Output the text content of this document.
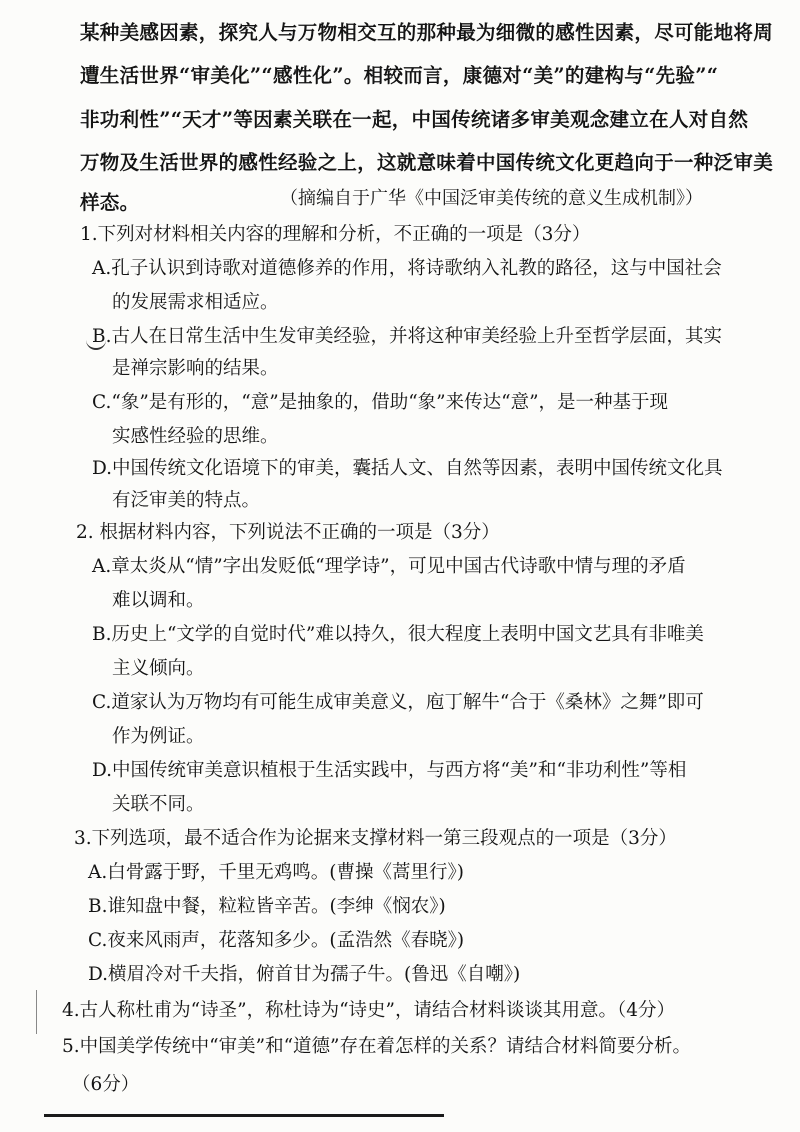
某种美感因素，探究人与万物相交互的那种最为细微的感性因素，尽可能地将周
遭生活世界“审美化”“感性化”。相较而言，康德对“美”的建构与“先验”“
非功利性”“天才”等因素关联在一起，中国传统诸多审美观念建立在人对自然
万物及生活世界的感性经验之上，这就意味着中国传统文化更趋向于一种泛审美
样态。	（摘编自于广华《中国泛审美传统的意义生成机制》）
1.下列对材料相关内容的理解和分析，不正确的一项是（3分）
A.孔子认识到诗歌对道德修养的作用，将诗歌纳入礼教的路径，这与中国社会
的发展需求相适应。
B.古人在日常生活中生发审美经验，并将这种审美经验上升至哲学层面，其实
是禅宗影响的结果。
C.“象”是有形的，“意”是抽象的，借助“象”来传达“意”，是一种基于现
实感性经验的思维。
D.中国传统文化语境下的审美，囊括人文、自然等因素，表明中国传统文化具
有泛审美的特点。
2. 根据材料内容，下列说法不正确的一项是（3分）
A.章太炎从“情”字出发贬低“理学诗”，可见中国古代诗歌中情与理的矛盾
难以调和。
B.历史上“文学的自觉时代”难以持久，很大程度上表明中国文艺具有非唯美
主义倾向。
C.道家认为万物均有可能生成审美意义，庖丁解牛“合于《桑林》之舞”即可
作为例证。
D.中国传统审美意识植根于生活实践中，与西方将“美”和“非功利性”等相
关联不同。
3.下列选项，最不适合作为论据来支撑材料一第三段观点的一项是（3分）
A.白骨露于野，千里无鸡鸣。(曹操《蒿里行》)
B.谁知盘中餐，粒粒皆辛苦。(李绅《悯农》)
C.夜来风雨声，花落知多少。(孟浩然《春晓》)
D.横眉冷对千夫指，俯首甘为孺子牛。(鲁迅《自嘲》)
4.古人称杜甫为“诗圣”，称杜诗为“诗史”，请结合材料谈谈其用意。（4分）
5.中国美学传统中“审美”和“道德”存在着怎样的关系？请结合材料简要分析。
（6分）
